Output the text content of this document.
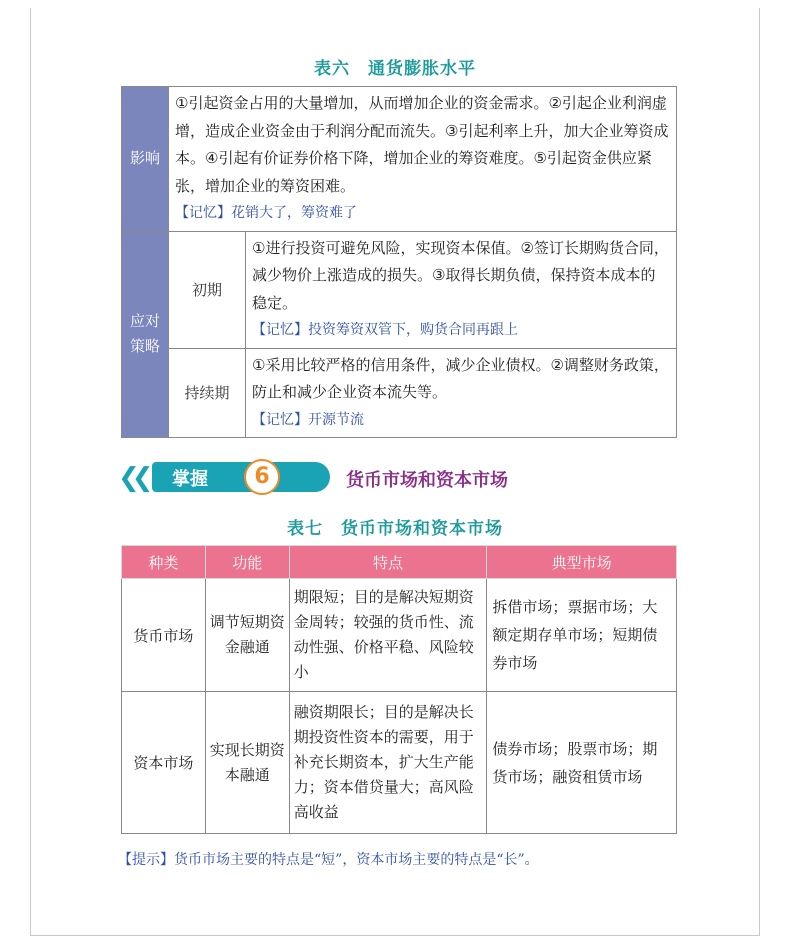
表六　通货膨胀水平
影响	①引起资金占用的大量增加，从而增加企业的资金需求。②引起企业利润虚增，造成企业资金由于利润分配而流失。③引起利率上升，加大企业筹资成本。④引起有价证券价格下降，增加企业的筹资难度。⑤引起资金供应紧张，增加企业的筹资困难。
【记忆】花销大了，筹资难了	

应对策略	初期	①进行投资可避免风险，实现资本保值。②签订长期购货合同，减少物价上涨造成的损失。③取得长期负债，保持资本成本的稳定。
【记忆】投资筹资双管下，购货合同再跟上

	持续期	①采用比较严格的信用条件，减少企业债权。②调整财务政策，防止和减少企业资本流失等。
【记忆】开源节流
❮❮ 掌握	6	货币市场和资本市场
表七　货币市场和资本市场
种类	功能	特点	典型市场
货币市场	调节短期资金融通	期限短；目的是解决短期资金周转；较强的货币性、流动性强、价格平稳、风险较小	拆借市场；票据市场；大额定期存单市场；短期债券市场
资本市场	实现长期资本融通	融资期限长；目的是解决长期投资性资本的需要，用于补充长期资本，扩大生产能力；资本借贷量大；高风险高收益	债券市场；股票市场；期货市场；融资租赁市场
【提示】货币市场主要的特点是“短”，资本市场主要的特点是“长”。
